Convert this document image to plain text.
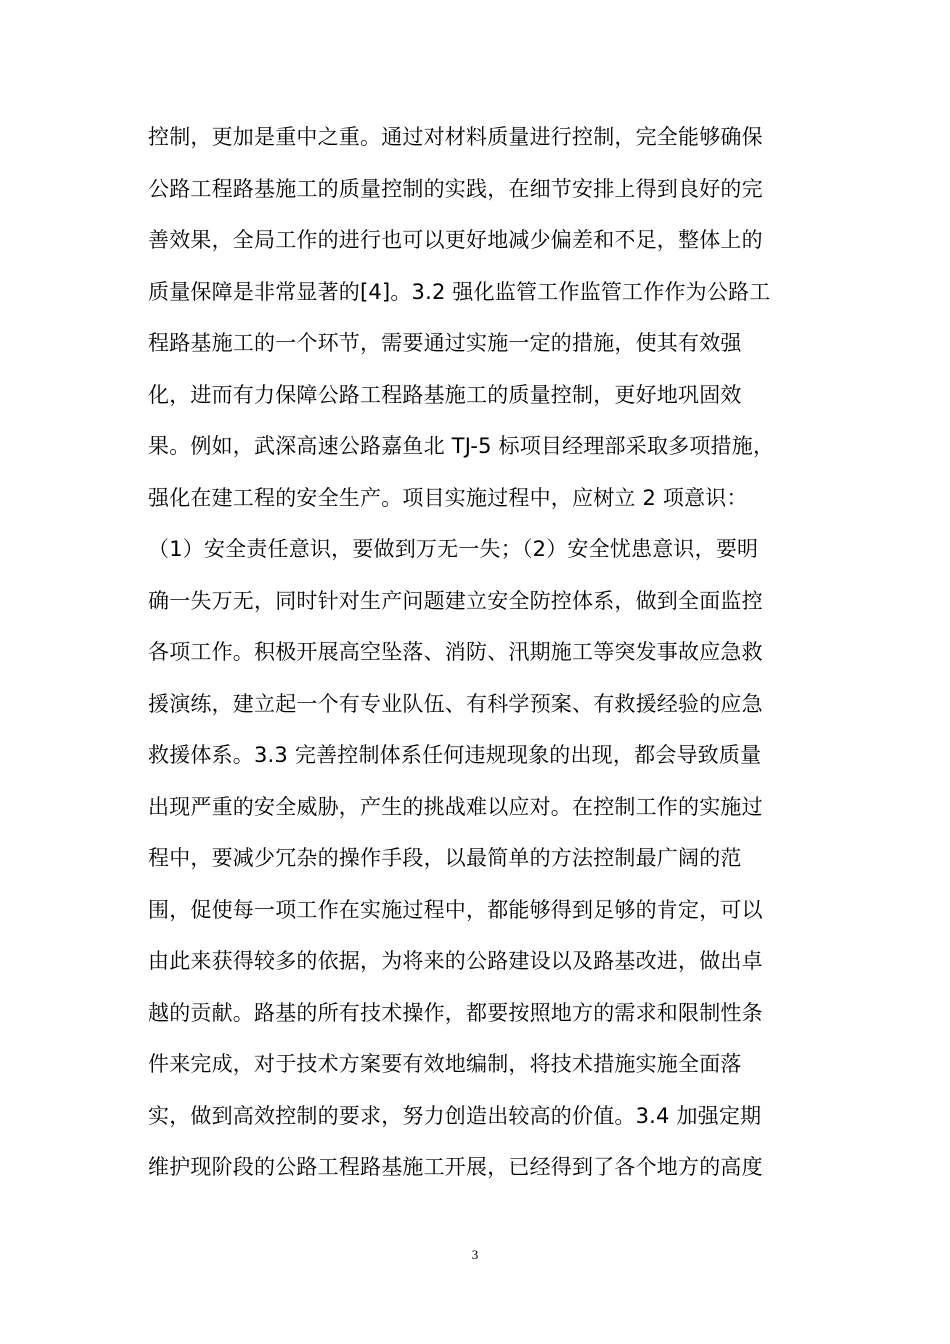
控制，更加是重中之重。通过对材料质量进行控制，完全能够确保
公路工程路基施工的质量控制的实践，在细节安排上得到良好的完
善效果，全局工作的进行也可以更好地减少偏差和不足，整体上的
质量保障是非常显著的[4]。3.2 强化监管工作监管工作作为公路工
程路基施工的一个环节，需要通过实施一定的措施，使其有效强
化，进而有力保障公路工程路基施工的质量控制，更好地巩固效
果。例如，武深高速公路嘉鱼北 TJ-5 标项目经理部采取多项措施，
强化在建工程的安全生产。项目实施过程中，应树立 2 项意识：
（1）安全责任意识，要做到万无一失；（2）安全忧患意识，要明
确一失万无，同时针对生产问题建立安全防控体系，做到全面监控
各项工作。积极开展高空坠落、消防、汛期施工等突发事故应急救
援演练，建立起一个有专业队伍、有科学预案、有救援经验的应急
救援体系。3.3 完善控制体系任何违规现象的出现，都会导致质量
出现严重的安全威胁，产生的挑战难以应对。在控制工作的实施过
程中，要减少冗杂的操作手段，以最简单的方法控制最广阔的范
围，促使每一项工作在实施过程中，都能够得到足够的肯定，可以
由此来获得较多的依据，为将来的公路建设以及路基改进，做出卓
越的贡献。路基的所有技术操作，都要按照地方的需求和限制性条
件来完成，对于技术方案要有效地编制，将技术措施实施全面落
实，做到高效控制的要求，努力创造出较高的价值。3.4 加强定期
维护现阶段的公路工程路基施工开展，已经得到了各个地方的高度
3
